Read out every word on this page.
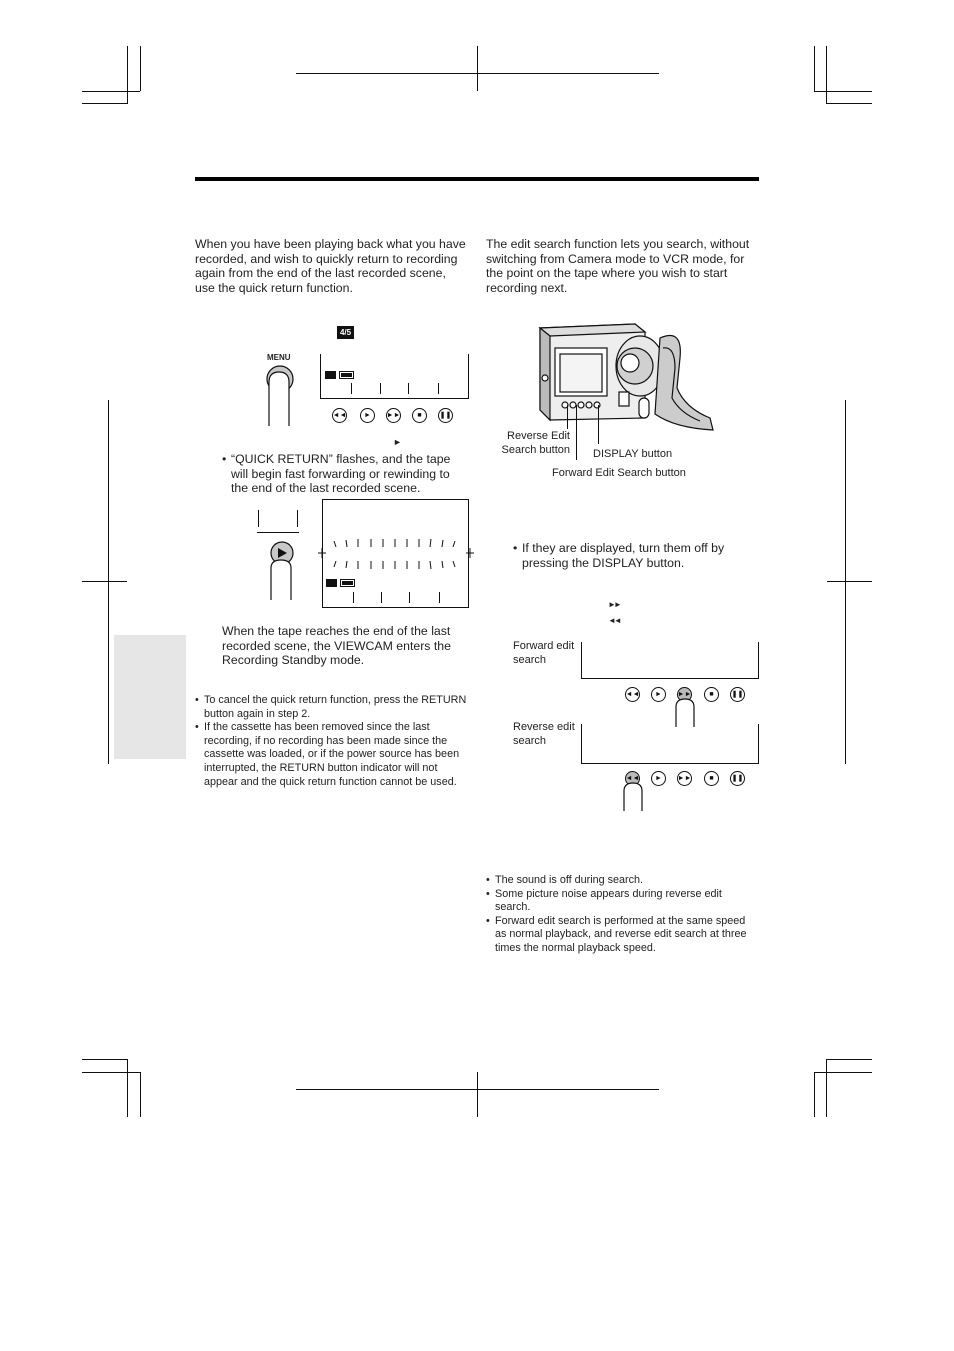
When you have been playing back what you have recorded, and wish to quickly return to recording again from the end of the last recorded scene, use the quick return function.
4/5
MENU
◄◄	►	►►	■	❚❚
►
• “QUICK RETURN” flashes, and the tape will begin fast forwarding or rewinding to the end of the last recorded scene.
When the tape reaches the end of the last recorded scene, the VIEWCAM enters the Recording Standby mode.
• To cancel the quick return function, press the RETURN button again in step 2.
• If the cassette has been removed since the last recording, if no recording has been made since the cassette was loaded, or if the power source has been interrupted, the RETURN button indicator will not appear and the quick return function cannot be used.
The edit search function lets you search, without switching from Camera mode to VCR mode, for the point on the tape where you wish to start recording next.
Reverse Edit
Search button DISPLAY button
Forward Edit Search button
• If they are displayed, turn them off by pressing the DISPLAY button.
►►
◄◄
Forward edit
search
◄◄	►	►►	■	❚❚
Reverse edit
search
◄◄	►	►►	■	❚❚
• The sound is off during search.
• Some picture noise appears during reverse edit search.
• Forward edit search is performed at the same speed as normal playback, and reverse edit search at three times the normal playback speed.
